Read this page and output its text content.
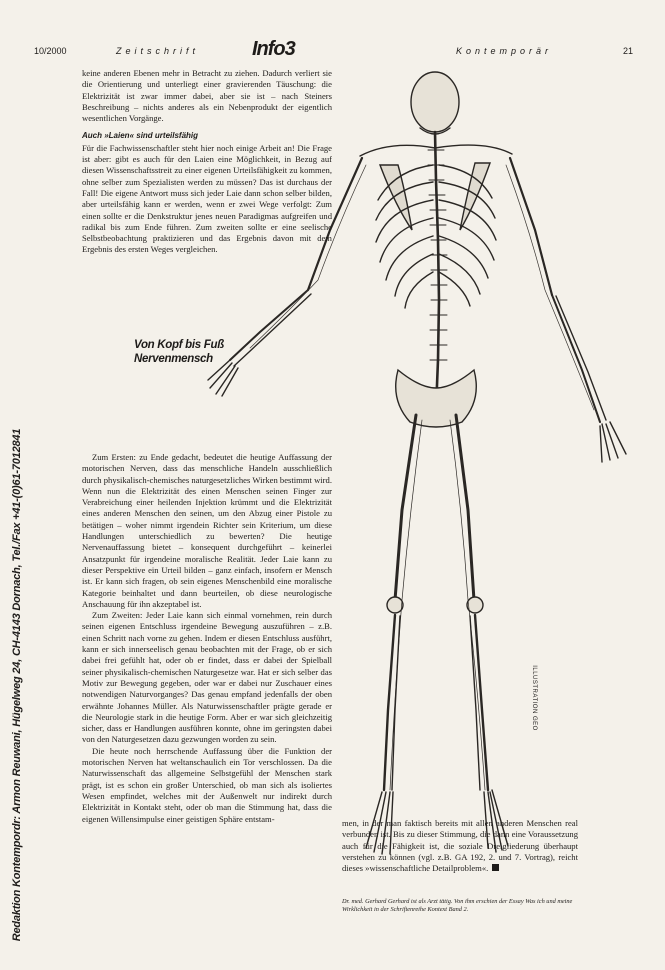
10/2000	Zeitschrift	Info3	Kontemporär	21

keine anderen Ebenen mehr in Betracht zu ziehen. Dadurch verliert sie die Orientierung und unterliegt einer gravierenden Täuschung: die Elektrizität ist zwar immer dabei, aber sie ist – nach Steiners Beschreibung – nichts anderes als ein Nebenprodukt der eigentlich wesentlichen Vorgänge.

Auch »Laien« sind urteilsfähig

Für die Fachwissenschaftler steht hier noch einige Arbeit an! Die Frage ist aber: gibt es auch für den Laien eine Möglichkeit, in Bezug auf diesen Wissenschaftsstreit zu einer eigenen Urteilsfähigkeit zu kommen, ohne selber zum Spezialisten werden zu müssen? Das ist durchaus der Fall! Die eigene Antwort muss sich jeder Laie dann schon selber bilden, aber urteilsfähig kann er werden, wenn er zwei Wege verfolgt: Zum einen sollte er die Denkstruktur jenes neuen Paradigmas aufgreifen und radikal bis zum Ende führen. Zum zweiten sollte er eine seelische Selbstbeobachtung praktizieren und das Ergebnis davon mit dem Ergebnis des ersten Weges vergleichen.

Von Kopf bis Fuß
Nervenmensch

Zum Ersten: zu Ende gedacht, bedeutet die heutige Auffassung der motorischen Nerven, dass das menschliche Handeln ausschließlich durch physikalisch-chemisches naturgesetzliches Wirken bestimmt wird. Wenn nun die Elektrizität des einen Menschen seinen Finger zur Verabreichung einer heilenden Injektion krümmt und die Elektrizität eines anderen Menschen den seinen, um den Abzug einer Pistole zu betätigen – woher nimmt irgendein Richter sein Kriterium, um diese Handlungen unterschiedlich zu bewerten? Die heutige Nervenauffassung bietet – konsequent durchgeführt – keinerlei Ansatzpunkt für irgendeine moralische Realität. Jeder Laie kann zu dieser Perspektive ein Urteil bilden – ganz einfach, insofern er Mensch ist. Er kann sich fragen, ob sein eigenes Menschenbild eine moralische Kategorie beinhaltet und dann beurteilen, ob diese neurologische Anschauung für ihn akzeptabel ist.

Zum Zweiten: Jeder Laie kann sich einmal vornehmen, rein durch seinen eigenen Entschluss irgendeine Bewegung auszuführen – z.B. einen Schritt nach vorne zu gehen. Indem er diesen Entschluss ausführt, kann er sich innerseelisch genau beobachten mit der Frage, ob er sich dabei frei gefühlt hat, oder ob er findet, dass er dabei der Spielball seiner physikalisch-chemischen Naturgesetze war. Hat er sich selber das Motiv zur Bewegung gegeben, oder war er dabei nur Zuschauer eines notwendigen Naturvorganges? Das genau empfand jedenfalls der oben erwähnte Johannes Müller. Als Naturwissenschaftler prägte gerade er die Neurologie stark in die heutige Form. Aber er war sich gleichzeitig sicher, dass er Handlungen ausführen konnte, ohne im geringsten dabei von den Naturgesetzen dazu gezwungen worden zu sein.

Die heute noch herrschende Auffassung über die Funktion der motorischen Nerven hat weltanschaulich ein Tor verschlossen. Da die Naturwissenschaft das allgemeine Selbstgefühl der Menschen stark prägt, ist es schon ein großer Unterschied, ob man sich als isoliertes Wesen empfindet, welches mit der Außenwelt nur indirekt durch Elektrizität in Kontakt steht, oder ob man die Stimmung hat, dass die eigenen Willensimpulse einer geistigen Sphäre entstam-	men, in der man faktisch bereits mit allen anderen Menschen real verbunden ist. Bis zu dieser Stimmung, die dann eine Voraussetzung auch für die Fähigkeit ist, die soziale Dreigliederung überhaupt verstehen zu können (vgl. z.B. GA 192, 2. und 7. Vortrag), reicht dieses »wissenschaftliche Detailproblem«.

Dr. med. Gerhard Gerhard ist als Arzt tätig. Von ihm erschien der Essay Was ich und meine Wirklichkeit in der Schriftenreihe Kontext Band 2.
ILLUSTRATION GEO
Redaktion Kontempordr: Armon Reuwani, Hügelweg 24, CH-4143 Dornach, Tel./Fax +41-(0)61-7012841
